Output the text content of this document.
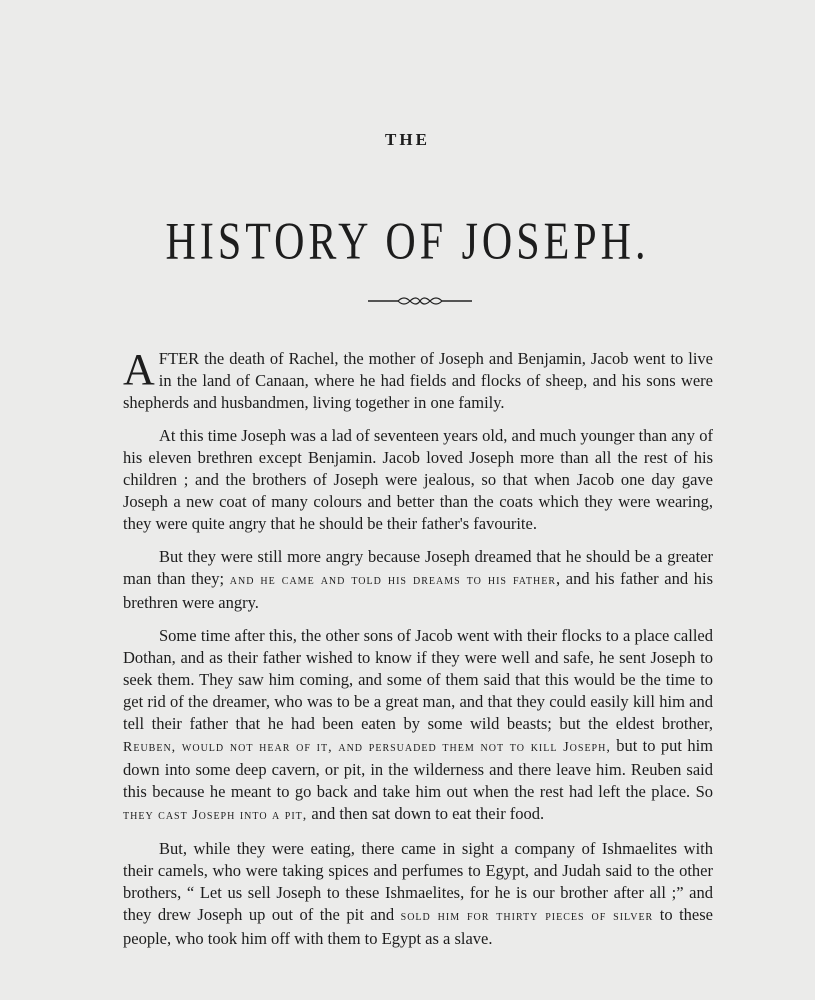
THE
HISTORY OF JOSEPH.

AFTER the death of Rachel, the mother of Joseph and Benjamin, Jacob went to live in the land of Canaan, where he had fields and flocks of sheep, and his sons were shepherds and husbandmen, living together in one family.

At this time Joseph was a lad of seventeen years old, and much younger than any of his eleven brethren except Benjamin. Jacob loved Joseph more than all the rest of his children ; and the brothers of Joseph were jealous, so that when Jacob one day gave Joseph a new coat of many colours and better than the coats which they were wearing, they were quite angry that he should be their father's favourite.

But they were still more angry because Joseph dreamed that he should be a greater man than they; and he came and told his dreams to his father, and his father and his brethren were angry.

Some time after this, the other sons of Jacob went with their flocks to a place called Dothan, and as their father wished to know if they were well and safe, he sent Joseph to seek them. They saw him coming, and some of them said that this would be the time to get rid of the dreamer, who was to be a great man, and that they could easily kill him and tell their father that he had been eaten by some wild beasts; but the eldest brother, Reuben, would not hear of it, and persuaded them not to kill Joseph, but to put him down into some deep cavern, or pit, in the wilderness and there leave him. Reuben said this because he meant to go back and take him out when the rest had left the place. So they cast Joseph into a pit, and then sat down to eat their food.

But, while they were eating, there came in sight a company of Ishmaelites with their camels, who were taking spices and perfumes to Egypt, and Judah said to the other brothers, “ Let us sell Joseph to these Ishmaelites, for he is our brother after all ;” and they drew Joseph up out of the pit and sold him for thirty pieces of silver to these people, who took him off with them to Egypt as a slave.
